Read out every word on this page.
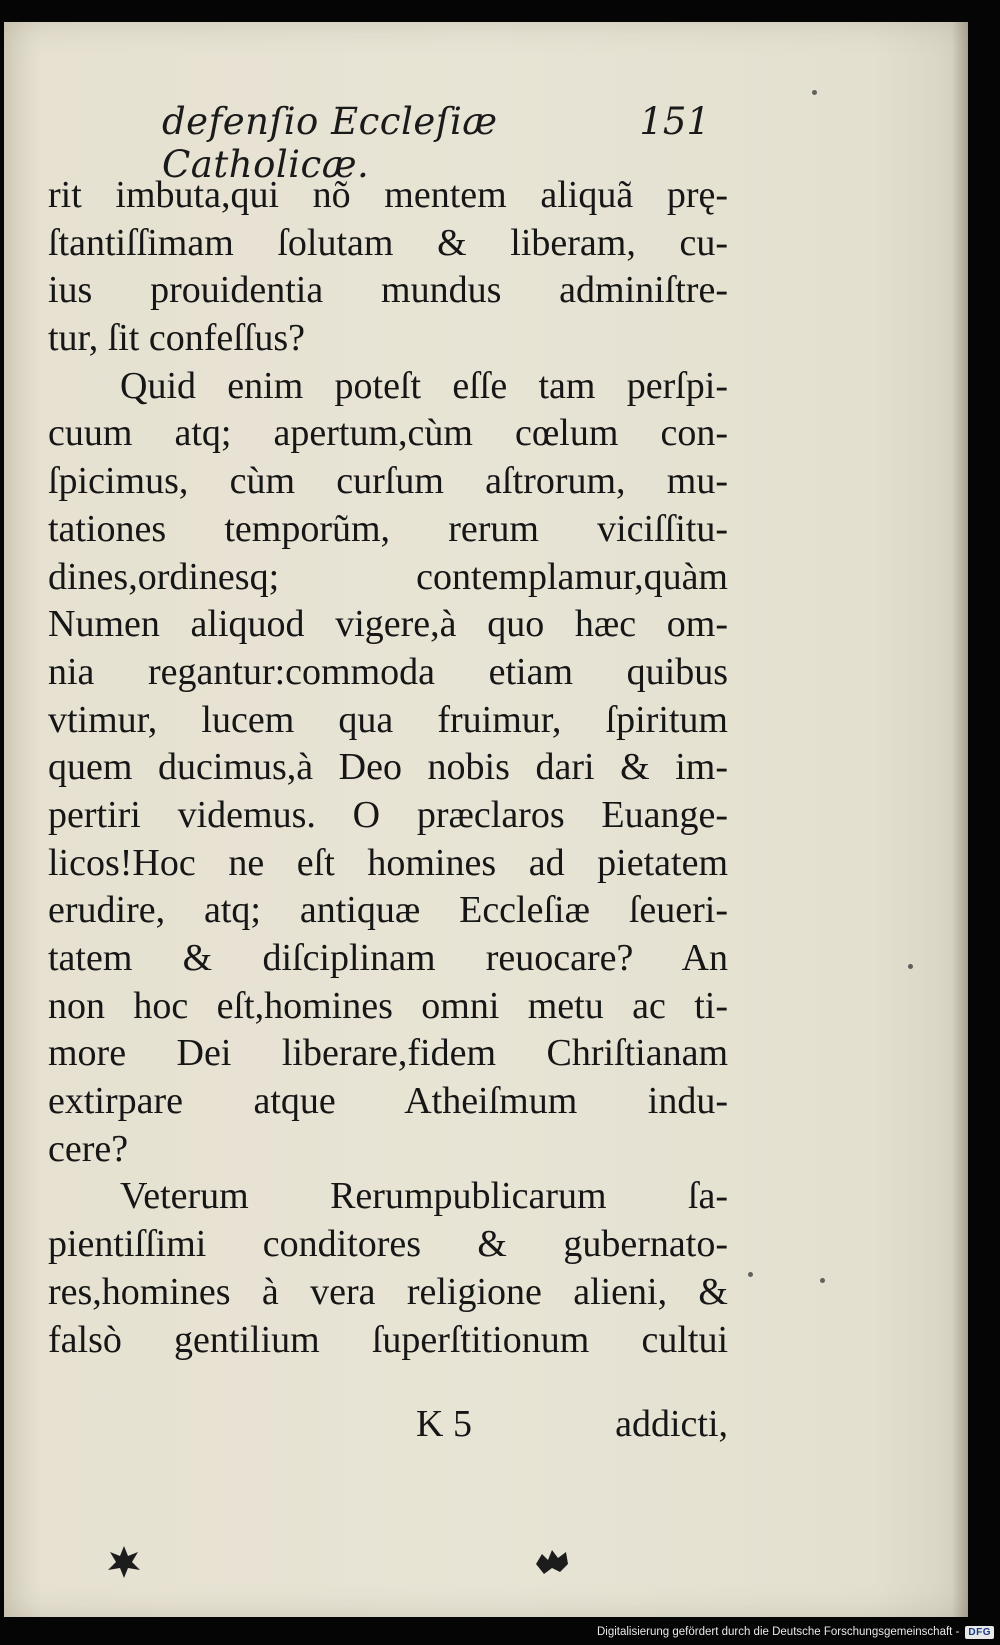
defenſio Eccleſiæ Catholicæ.
151
rit imbuta,qui nõ mentem aliquã prę-
ſtantiſſimam ſolutam & liberam, cu-
ius prouidentia mundus adminiſtre-
tur, ſit confeſſus?
Quid enim poteſt eſſe tam perſpi-
cuum atq; apertum,cùm cœlum con-
ſpicimus, cùm curſum aſtrorum, mu-
tationes temporũm, rerum viciſſitu-
dines,ordinesq; contemplamur,quàm
Numen aliquod vigere,à quo hæc om-
nia regantur:commoda etiam quibus
vtimur, lucem qua fruimur, ſpiritum
quem ducimus,à Deo nobis dari & im-
pertiri videmus. O præclaros Euange-
licos!Hoc ne eſt homines ad pietatem
erudire, atq; antiquæ Eccleſiæ ſeueri-
tatem & diſciplinam reuocare? An
non hoc eſt,homines omni metu ac ti-
more Dei liberare,fidem Chriſtianam
extirpare atque Atheiſmum indu-
cere?
Veterum Rerumpublicarum ſa-
pientiſſimi conditores & gubernato-
res,homines à vera religione alieni, &
falsò gentilium ſuperſtitionum cultui
K 5	addicti,
Digitalisierung gefördert durch die Deutsche Forschungsgemeinschaft - DFG
